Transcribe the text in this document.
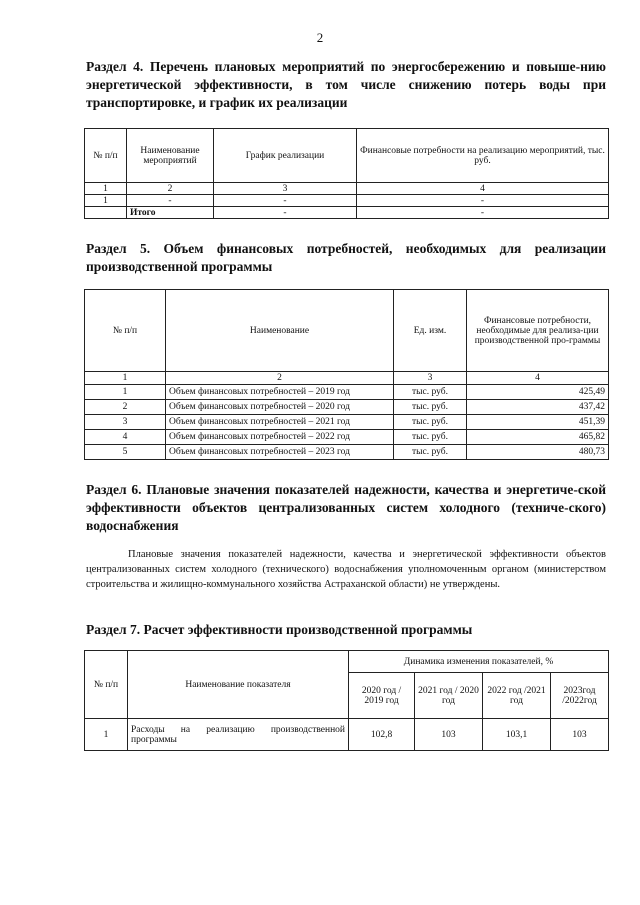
2
Раздел 4. Перечень плановых мероприятий по энергосбережению и повыше-нию энергетической эффективности, в том числе снижению потерь воды при транспортировке, и график их реализации
№ п/п	Наименование мероприятий	График реализации	Финансовые потребности на реализацию мероприятий, тыс. руб.
1	2	3	4
1	-	-	-
	Итого	-	-
Раздел 5. Объем финансовых потребностей, необходимых для реализации производственной программы
№ п/п	Наименование	Ед. изм.	Финансовые потребности, необходимые для реализа-ции производственной про-граммы
1	2	3	4
1	Объем финансовых потребностей – 2019 год	тыс. руб.	425,49
2	Объем финансовых потребностей – 2020 год	тыс. руб.	437,42
3	Объем финансовых потребностей – 2021 год	тыс. руб.	451,39
4	Объем финансовых потребностей – 2022 год	тыс. руб.	465,82
5	Объем финансовых потребностей – 2023 год	тыс. руб.	480,73
Раздел 6. Плановые значения показателей надежности, качества и энергетиче-ской эффективности объектов централизованных систем холодного (техниче-ского) водоснабжения
Плановые значения показателей надежности, качества и энергетической эффективности объектов централизованных систем холодного (технического) водоснабжения уполномоченным органом (министерством строительства и жилищно-коммунального хозяйства Астраханской области) не утверждены.
Раздел 7. Расчет эффективности производственной программы
№ п/п	Наименование показателя	Динамика изменения показателей, %			
		2020 год / 2019 год	2021 год / 2020 год	2022 год /2021 год	2023год /2022год
1	Расходы на реализацию производственной программы	102,8	103	103,1	103
